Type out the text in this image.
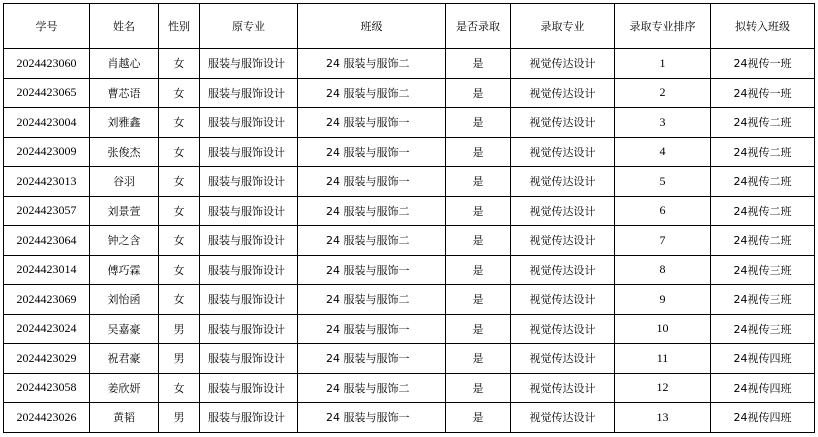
学号	姓名	性别	原专业	班级	是否录取	录取专业	录取专业排序	拟转入班级
2024423060	肖越心	女	服装与服饰设计	24 服装与服饰二	是	视觉传达设计	1	24视传一班
2024423065	曹芯语	女	服装与服饰设计	24 服装与服饰二	是	视觉传达设计	2	24视传一班
2024423004	刘雅鑫	女	服装与服饰设计	24 服装与服饰一	是	视觉传达设计	3	24视传二班
2024423009	张俊杰	女	服装与服饰设计	24 服装与服饰一	是	视觉传达设计	4	24视传二班
2024423013	谷羽	女	服装与服饰设计	24 服装与服饰一	是	视觉传达设计	5	24视传二班
2024423057	刘景萱	女	服装与服饰设计	24 服装与服饰二	是	视觉传达设计	6	24视传二班
2024423064	钟之含	女	服装与服饰设计	24 服装与服饰二	是	视觉传达设计	7	24视传二班
2024423014	傅巧霖	女	服装与服饰设计	24 服装与服饰一	是	视觉传达设计	8	24视传三班
2024423069	刘怡函	女	服装与服饰设计	24 服装与服饰二	是	视觉传达设计	9	24视传三班
2024423024	吴嘉豪	男	服装与服饰设计	24 服装与服饰一	是	视觉传达设计	10	24视传三班
2024423029	祝君豪	男	服装与服饰设计	24 服装与服饰一	是	视觉传达设计	11	24视传四班
2024423058	姜欣妍	女	服装与服饰设计	24 服装与服饰二	是	视觉传达设计	12	24视传四班
2024423026	黄韬	男	服装与服饰设计	24 服装与服饰一	是	视觉传达设计	13	24视传四班
